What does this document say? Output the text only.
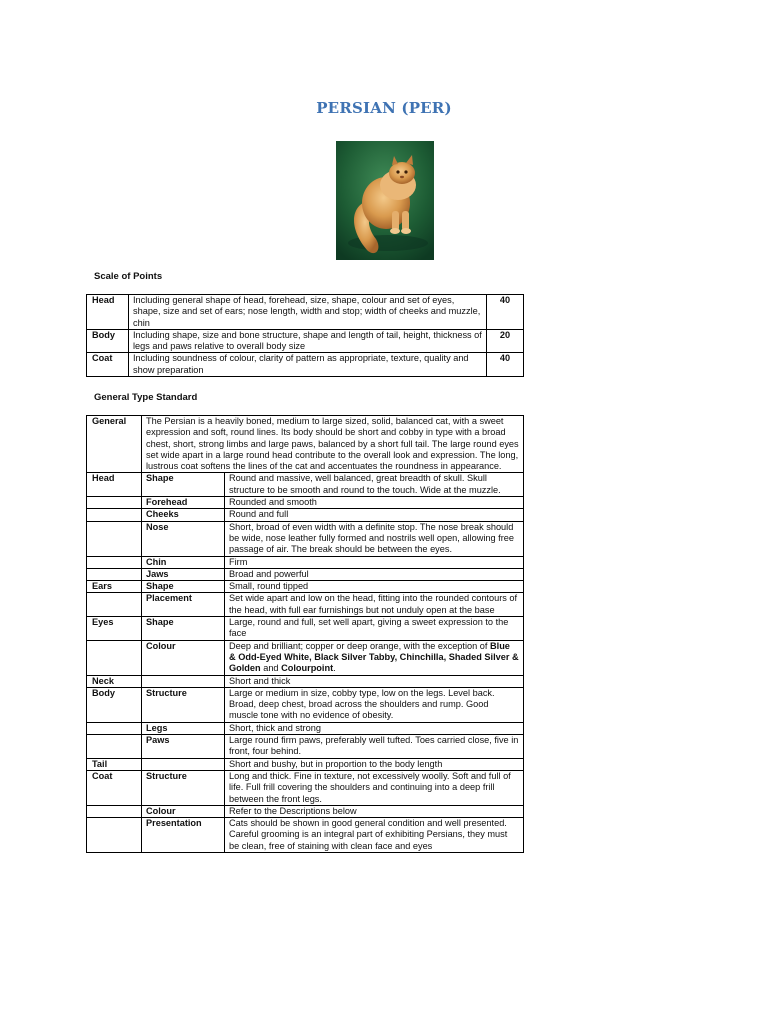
PERSIAN (PER)
Scale of Points
Head	Including general shape of head, forehead, size, shape, colour and set of eyes, shape, size and set of ears; nose length, width and stop; width of cheeks and muzzle, chin	40
Body	Including shape, size and bone structure, shape and length of tail, height, thickness of legs and paws relative to overall body size	20
Coat	Including soundness of colour, clarity of pattern as appropriate, texture, quality and show preparation	40
General Type Standard
General	The Persian is a heavily boned, medium to large sized, solid, balanced cat, with a sweet expression and soft, round lines. Its body should be short and cobby in type with a broad chest, short, strong limbs and large paws, balanced by a short full tail. The large round eyes set wide apart in a large round head contribute to the overall look and expression. The long, lustrous coat softens the lines of the cat and accentuates the roundness in appearance.	
Head	Shape	Round and massive, well balanced, great breadth of skull. Skull structure to be smooth and round to the touch. Wide at the muzzle.
	Forehead	Rounded and smooth
	Cheeks	Round and full
	Nose	Short, broad of even width with a definite stop. The nose break should be wide, nose leather fully formed and nostrils well open, allowing free passage of air. The break should be between the eyes.
	Chin	Firm
	Jaws	Broad and powerful
Ears	Shape	Small, round tipped
	Placement	Set wide apart and low on the head, fitting into the rounded contours of the head, with full ear furnishings but not unduly open at the base
Eyes	Shape	Large, round and full, set well apart, giving a sweet expression to the face
	Colour	Deep and brilliant; copper or deep orange, with the exception of Blue & Odd-Eyed White, Black Silver Tabby, Chinchilla, Shaded Silver & Golden and Colourpoint.
Neck		Short and thick
Body	Structure	Large or medium in size, cobby type, low on the legs. Level back. Broad, deep chest, broad across the shoulders and rump. Good muscle tone with no evidence of obesity.
	Legs	Short, thick and strong
	Paws	Large round firm paws, preferably well tufted. Toes carried close, five in front, four behind.
Tail		Short and bushy, but in proportion to the body length
Coat	Structure	Long and thick. Fine in texture, not excessively woolly. Soft and full of life. Full frill covering the shoulders and continuing into a deep frill between the front legs.
	Colour	Refer to the Descriptions below
	Presentation	Cats should be shown in good general condition and well presented. Careful grooming is an integral part of exhibiting Persians, they must be clean, free of staining with clean face and eyes
